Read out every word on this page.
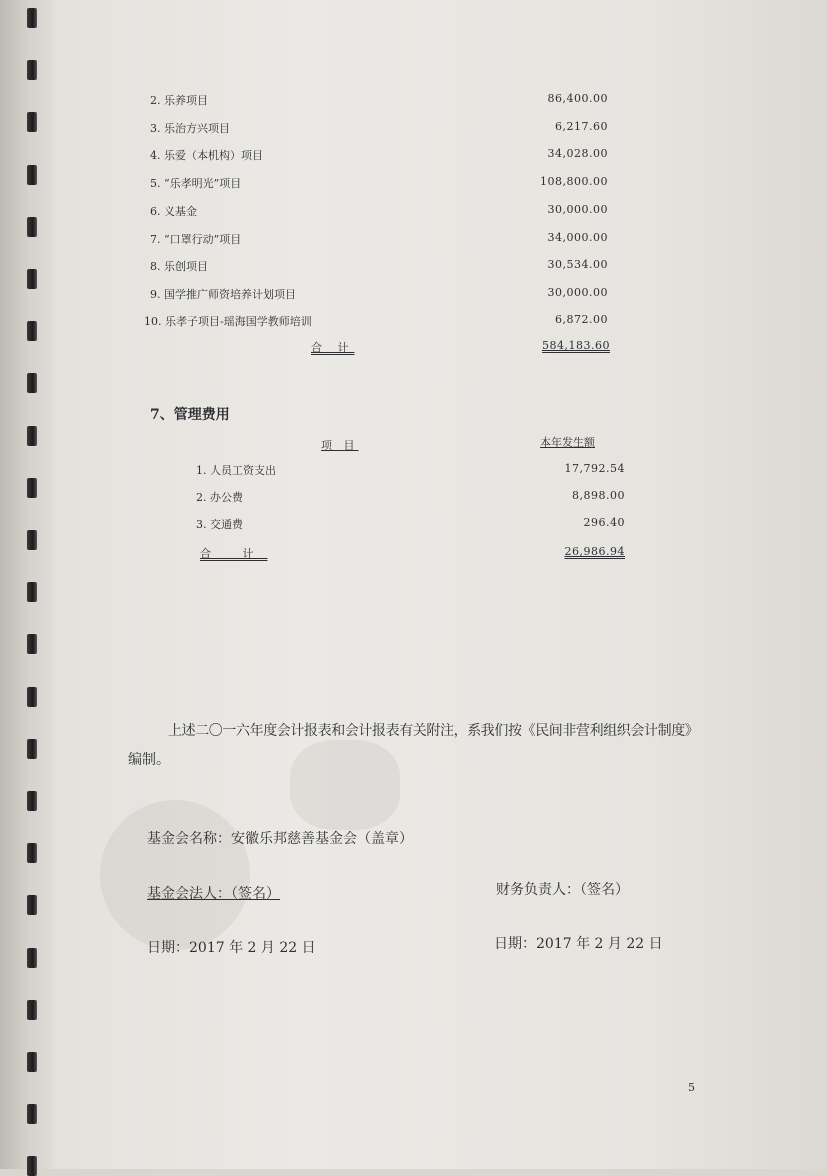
2. 乐养项目	86,400.00
3. 乐治方兴项目	6,217.60
4. 乐爱（本机构）项目	34,028.00
5. “乐孝明光”项目	108,800.00
6. 义基金	30,000.00
7. “口罩行动”项目	34,000.00
8. 乐创项目	30,534.00
9. 国学推广师资培养计划项目	30,000.00
10. 乐孝子项目-瑶海国学教师培训	6,872.00
合 计	584,183.60
7、管理费用
项 目	本年发生额
1. 人员工资支出	17,792.54
2. 办公费	8,898.00
3. 交通费	296.40
合 计	26,986.94
上述二〇一六年度会计报表和会计报表有关附注，系我们按《民间非营利组织会计制度》
编制。
基金会名称：安徽乐邦慈善基金会（盖章）
基金会法人：（签名）	财务负责人：（签名）
日期：2017 年 2 月 22 日	日期：2017 年 2 月 22 日
5
